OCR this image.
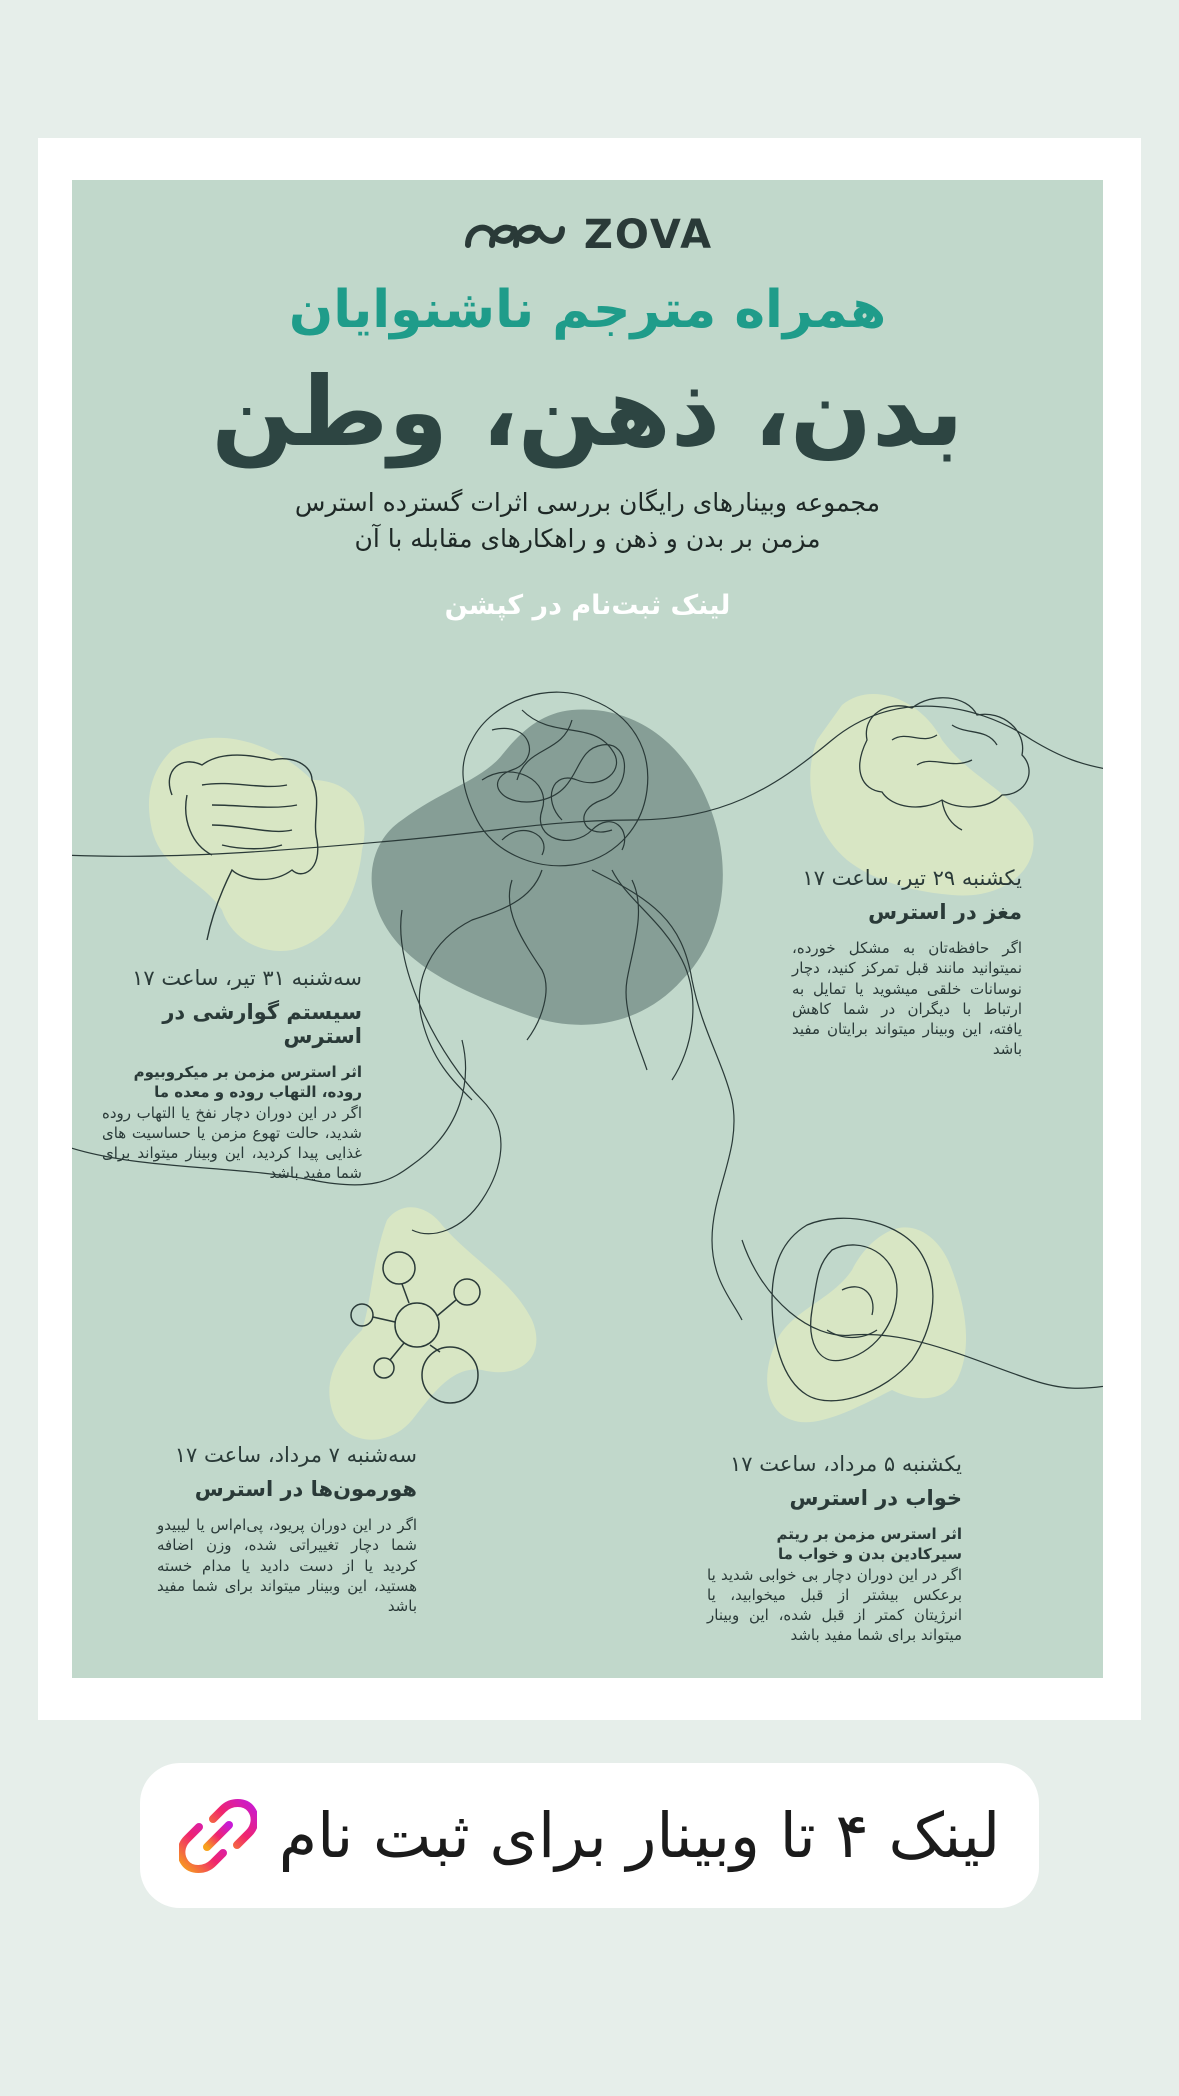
ZOVA
همراه مترجم ناشنوایان
بدن، ذهن، وطن
مجموعه وبینارهای رایگان بررسی اثرات گسترده استرس
مزمن بر بدن و ذهن و راهکارهای مقابله با آن
لینک ثبت‌نام در کپشن
یکشنبه ۲۹ تیر، ساعت ۱۷
مغز در استرس
اگر حافظه‌تان به مشکل خورده، نمیتوانید مانند قبل تمرکز کنید، دچار نوسانات خلقی میشوید یا تمایل به ارتباط با دیگران در شما کاهش یافته، این وبینار میتواند برایتان مفید باشد
سه‌شنبه ۳۱ تیر، ساعت ۱۷
سیستم گوارشی در استرس
اثر استرس مزمن بر میکروبیوم روده، التهاب روده و معده ما
اگر در این دوران دچار نفخ یا التهاب روده شدید، حالت تهوع مزمن یا حساسیت های غذایی پیدا کردید، این وبینار میتواند برای شما مفید باشد
سه‌شنبه ۷ مرداد، ساعت ۱۷
هورمون‌ها در استرس
اگر در این دوران پریود، پی‌ام‌اس یا لیبیدو شما دچار تغییراتی شده، وزن اضافه کردید یا از دست دادید یا مدام خسته هستید، این وبینار میتواند برای شما مفید باشد
یکشنبه ۵ مرداد، ساعت ۱۷
خواب در استرس
اثر استرس مزمن بر ریتم سیرکادین بدن و خواب ما
اگر در این دوران دچار بی خوابی شدید یا برعکس بیشتر از قبل میخوابید، یا انرژیتان کمتر از قبل شده، این وبینار میتواند برای شما مفید باشد
لینک ۴ تا وبینار برای ثبت نام
